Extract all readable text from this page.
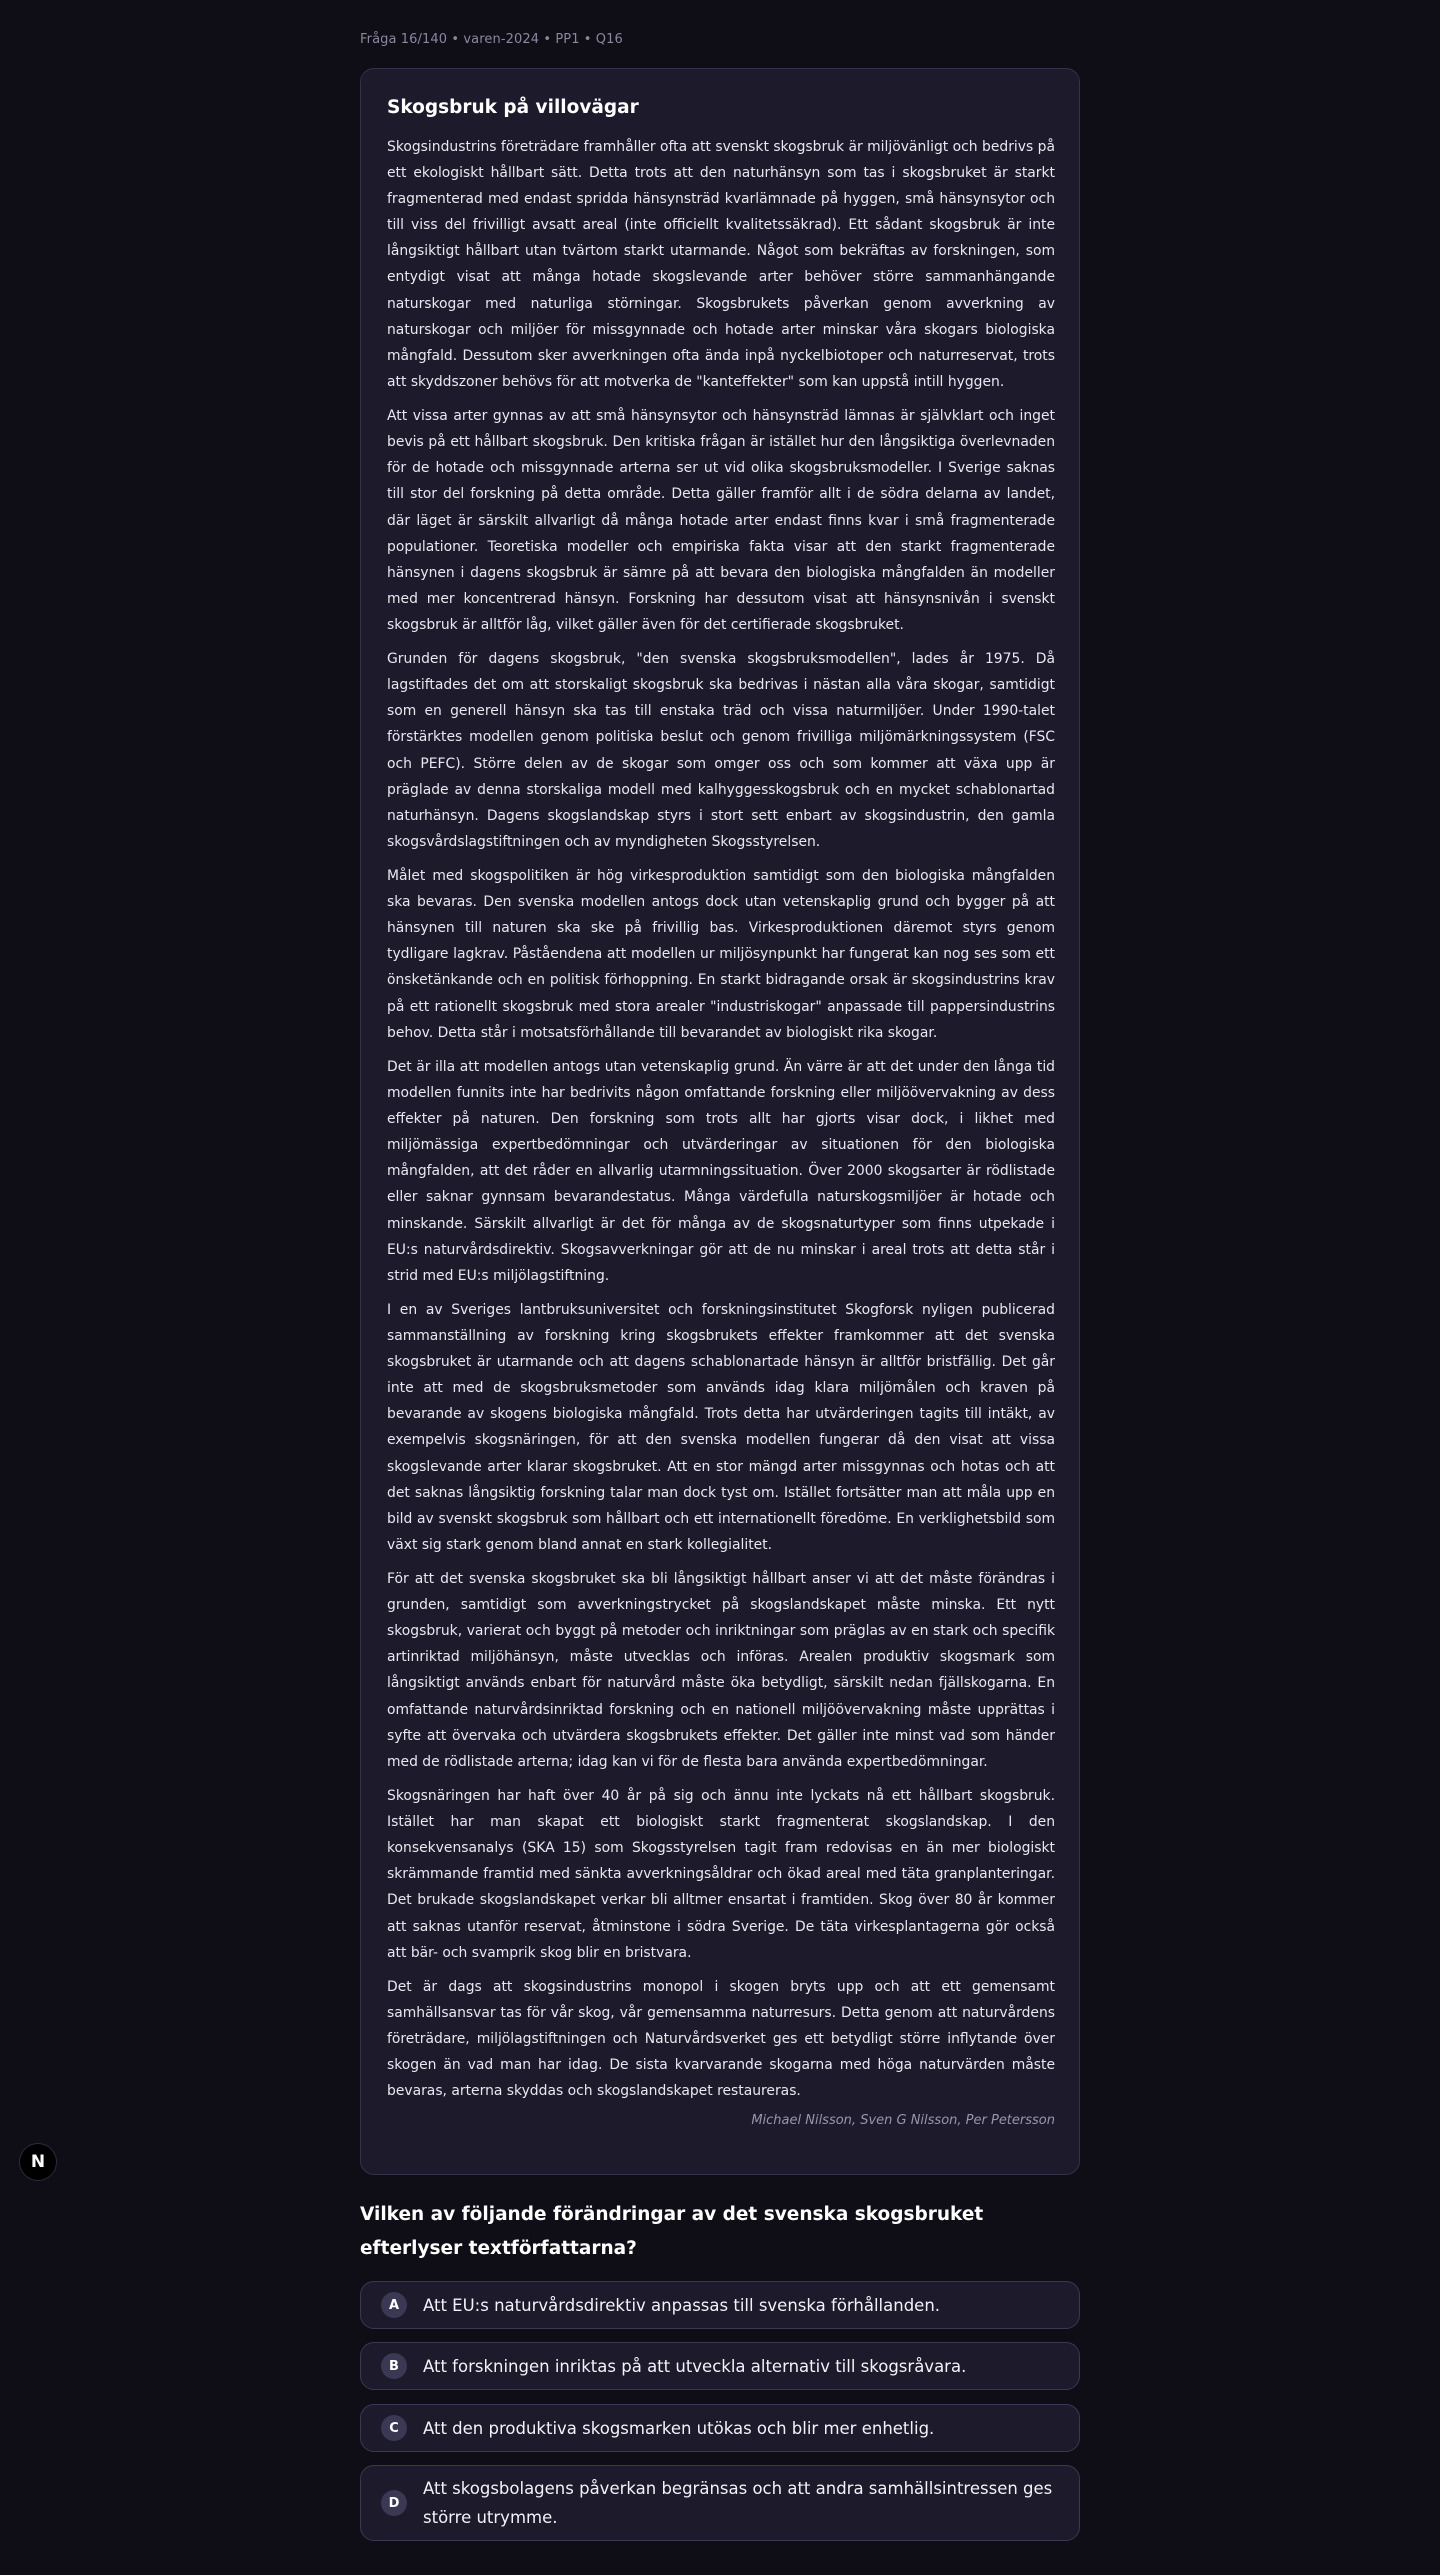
N
Fråga 16/140 • varen-2024 • PP1 • Q16
Skogsbruk på villovägar

Skogsindustrins företrädare framhåller ofta att svenskt skogsbruk är miljövänligt och bedrivs på ett ekologiskt hållbart sätt. Detta trots att den naturhänsyn som tas i skogsbruket är starkt fragmenterad med endast spridda hänsynsträd kvarlämnade på hyggen, små hänsynsytor och till viss del frivilligt avsatt areal (inte officiellt kvalitetssäkrad). Ett sådant skogsbruk är inte långsiktigt hållbart utan tvärtom starkt utarmande. Något som bekräftas av forskningen, som entydigt visat att många hotade skogslevande arter behöver större sammanhängande naturskogar med naturliga störningar. Skogsbrukets påverkan genom avverkning av naturskogar och miljöer för missgynnade och hotade arter minskar våra skogars biologiska mångfald. Dessutom sker avverkningen ofta ända inpå nyckelbiotoper och naturreservat, trots att skyddszoner behövs för att motverka de "kanteffekter" som kan uppstå intill hyggen.

Att vissa arter gynnas av att små hänsynsytor och hänsynsträd lämnas är självklart och inget bevis på ett hållbart skogsbruk. Den kritiska frågan är istället hur den långsiktiga överlevnaden för de hotade och missgynnade arterna ser ut vid olika skogsbruksmodeller. I Sverige saknas till stor del forskning på detta område. Detta gäller framför allt i de södra delarna av landet, där läget är särskilt allvarligt då många hotade arter endast finns kvar i små fragmenterade populationer. Teoretiska modeller och empiriska fakta visar att den starkt fragmenterade hänsynen i dagens skogsbruk är sämre på att bevara den biologiska mångfalden än modeller med mer koncentrerad hänsyn. Forskning har dessutom visat att hänsynsnivån i svenskt skogsbruk är alltför låg, vilket gäller även för det certifierade skogsbruket.

Grunden för dagens skogsbruk, "den svenska skogsbruksmodellen", lades år 1975. Då lagstiftades det om att storskaligt skogsbruk ska bedrivas i nästan alla våra skogar, samtidigt som en generell hänsyn ska tas till enstaka träd och vissa naturmiljöer. Under 1990-talet förstärktes modellen genom politiska beslut och genom frivilliga miljömärkningssystem (FSC och PEFC). Större delen av de skogar som omger oss och som kommer att växa upp är präglade av denna storskaliga modell med kalhyggesskogsbruk och en mycket schablonartad naturhänsyn. Dagens skogslandskap styrs i stort sett enbart av skogsindustrin, den gamla skogsvårdslagstiftningen och av myndigheten Skogsstyrelsen.

Målet med skogspolitiken är hög virkesproduktion samtidigt som den biologiska mångfalden ska bevaras. Den svenska modellen antogs dock utan vetenskaplig grund och bygger på att hänsynen till naturen ska ske på frivillig bas. Virkesproduktionen däremot styrs genom tydligare lagkrav. Påståendena att modellen ur miljösynpunkt har fungerat kan nog ses som ett önsketänkande och en politisk förhoppning. En starkt bidragande orsak är skogsindustrins krav på ett rationellt skogsbruk med stora arealer "industriskogar" anpassade till pappersindustrins behov. Detta står i motsatsförhållande till bevarandet av biologiskt rika skogar.

Det är illa att modellen antogs utan vetenskaplig grund. Än värre är att det under den långa tid modellen funnits inte har bedrivits någon omfattande forskning eller miljöövervakning av dess effekter på naturen. Den forskning som trots allt har gjorts visar dock, i likhet med miljömässiga expertbedömningar och utvärderingar av situationen för den biologiska mångfalden, att det råder en allvarlig utarmningssituation. Över 2000 skogsarter är rödlistade eller saknar gynnsam bevarandestatus. Många värdefulla naturskogsmiljöer är hotade och minskande. Särskilt allvarligt är det för många av de skogsnaturtyper som finns utpekade i EU:s naturvårdsdirektiv. Skogsavverkningar gör att de nu minskar i areal trots att detta står i strid med EU:s miljölagstiftning.

I en av Sveriges lantbruksuniversitet och forskningsinstitutet Skogforsk nyligen publicerad sammanställning av forskning kring skogsbrukets effekter framkommer att det svenska skogsbruket är utarmande och att dagens schablonartade hänsyn är alltför bristfällig. Det går inte att med de skogsbruksmetoder som används idag klara miljömålen och kraven på bevarande av skogens biologiska mångfald. Trots detta har utvärderingen tagits till intäkt, av exempelvis skogsnäringen, för att den svenska modellen fungerar då den visat att vissa skogslevande arter klarar skogsbruket. Att en stor mängd arter missgynnas och hotas och att det saknas långsiktig forskning talar man dock tyst om. Istället fortsätter man att måla upp en bild av svenskt skogsbruk som hållbart och ett internationellt föredöme. En verklighetsbild som växt sig stark genom bland annat en stark kollegialitet.

För att det svenska skogsbruket ska bli långsiktigt hållbart anser vi att det måste förändras i grunden, samtidigt som avverkningstrycket på skogslandskapet måste minska. Ett nytt skogsbruk, varierat och byggt på metoder och inriktningar som präglas av en stark och specifik artinriktad miljöhänsyn, måste utvecklas och införas. Arealen produktiv skogsmark som långsiktigt används enbart för naturvård måste öka betydligt, särskilt nedan fjällskogarna. En omfattande naturvårdsinriktad forskning och en nationell miljöövervakning måste upprättas i syfte att övervaka och utvärdera skogsbrukets effekter. Det gäller inte minst vad som händer med de rödlistade arterna; idag kan vi för de flesta bara använda expertbedömningar.

Skogsnäringen har haft över 40 år på sig och ännu inte lyckats nå ett hållbart skogsbruk. Istället har man skapat ett biologiskt starkt fragmenterat skogslandskap. I den konsekvensanalys (SKA 15) som Skogsstyrelsen tagit fram redovisas en än mer biologiskt skrämmande framtid med sänkta avverkningsåldrar och ökad areal med täta granplanteringar. Det brukade skogslandskapet verkar bli alltmer ensartat i framtiden. Skog över 80 år kommer att saknas utanför reservat, åtminstone i södra Sverige. De täta virkesplantagerna gör också att bär- och svamprik skog blir en bristvara.

Det är dags att skogsindustrins monopol i skogen bryts upp och att ett gemensamt samhällsansvar tas för vår skog, vår gemensamma naturresurs. Detta genom att naturvårdens företrädare, miljölagstiftningen och Naturvårdsverket ges ett betydligt större inflytande över skogen än vad man har idag. De sista kvarvarande skogarna med höga naturvärden måste bevaras, arterna skyddas och skogslandskapet restaureras.

Michael Nilsson, Sven G Nilsson, Per Petersson
Vilken av följande förändringar av det svenska skogsbruket efterlyser textförfattarna?
A	Att EU:s naturvårdsdirektiv anpassas till svenska förhållanden.
B	Att forskningen inriktas på att utveckla alternativ till skogsråvara.
C	Att den produktiva skogsmarken utökas och blir mer enhetlig.
D
Att skogsbolagens påverkan begränsas och att andra samhällsintressen ges större utrymme.
